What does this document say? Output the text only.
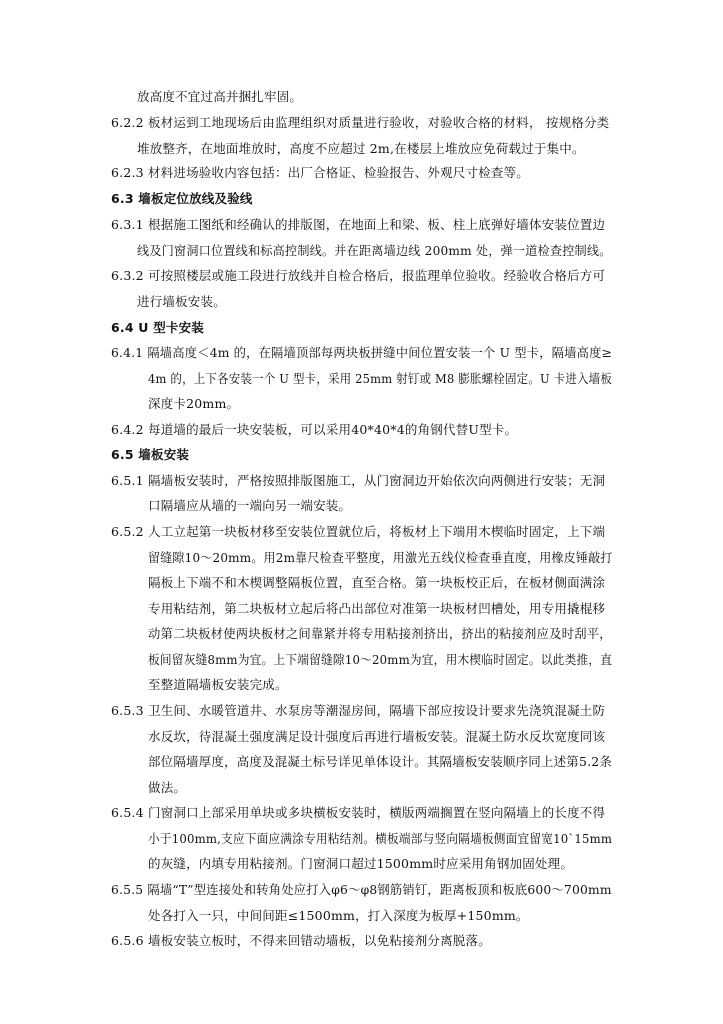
放高度不宜过高并捆扎牢固。
6.2.2 板材运到工地现场后由监理组织对质量进行验收，对验收合格的材料， 按规格分类
堆放整齐，在地面堆放时，高度不应超过 2m,在楼层上堆放应免荷载过于集中。
6.2.3 材料进场验收内容包括：出厂合格证、检验报告、外观尺寸检查等。
6.3 墙板定位放线及验线
6.3.1 根据施工图纸和经确认的排版图，在地面上和梁、板、柱上底弹好墙体安装位置边
线及门窗洞口位置线和标高控制线。并在距离墙边线 200mm 处，弹一道检查控制线。
6.3.2 可按照楼层或施工段进行放线并自检合格后，报监理单位验收。经验收合格后方可
进行墙板安装。
6.4 U 型卡安装
6.4.1 隔墙高度＜4m 的，在隔墙顶部每两块板拼缝中间位置安装一个 U 型卡，隔墙高度≥
4m 的，上下各安装一个 U 型卡，采用 25mm 射钉或 M8 膨胀螺栓固定。U 卡进入墙板
深度卡20mm。
6.4.2 每道墙的最后一块安装板，可以采用40*40*4的角钢代替U型卡。
6.5 墙板安装
6.5.1 隔墙板安装时，严格按照排版图施工，从门窗洞边开始依次向两侧进行安装；无洞
口隔墙应从墙的一端向另一端安装。
6.5.2 人工立起第一块板材移至安装位置就位后，将板材上下端用木楔临时固定，上下端
留缝隙10～20mm。用2m靠尺检查平整度，用激光五线仪检查垂直度，用橡皮锤敲打
隔板上下端不和木楔调整隔板位置，直至合格。第一块板校正后，在板材侧面满涂
专用粘结剂，第二块板材立起后将凸出部位对准第一块板材凹槽处，用专用撬棍移
动第二块板材使两块板材之间靠紧并将专用粘接剂挤出，挤出的粘接剂应及时刮平，
板间留灰缝8mm为宜。上下端留缝隙10～20mm为宜，用木楔临时固定。以此类推，直
至整道隔墙板安装完成。
6.5.3 卫生间、水暖管道井、水泵房等潮湿房间，隔墙下部应按设计要求先浇筑混凝土防
水反坎，待混凝土强度满足设计强度后再进行墙板安装。混凝土防水反坎宽度同该
部位隔墙厚度，高度及混凝土标号详见单体设计。其隔墙板安装顺序同上述第5.2条
做法。
6.5.4 门窗洞口上部采用单块或多块横板安装时，横版两端搁置在竖向隔墙上的长度不得
小于100mm,支应下面应满涂专用粘结剂。横板端部与竖向隔墙板侧面宜留宽10`15mm
的灰缝，内填专用粘接剂。门窗洞口超过1500mm时应采用角钢加固处理。
6.5.5 隔墙“T”型连接处和转角处应打入φ6～φ8钢筋销钉，距离板顶和板底600～700mm
处各打入一只，中间间距≤1500mm，打入深度为板厚+150mm。
6.5.6 墙板安装立板时，不得来回错动墙板，以免粘接剂分离脱落。
